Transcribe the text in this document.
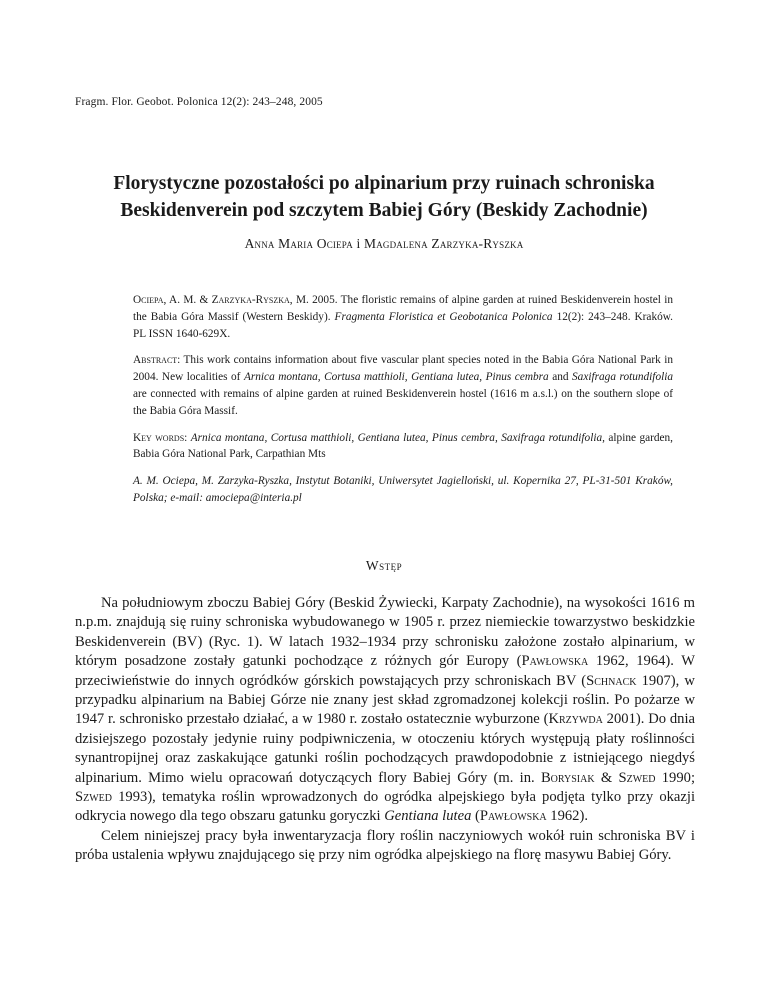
Fragm. Flor. Geobot. Polonica 12(2): 243–248, 2005
Florystyczne pozostałości po alpinarium przy ruinach schroniska
Beskidenverein pod szczytem Babiej Góry (Beskidy Zachodnie)
Anna Maria Ociepa i Magdalena Zarzyka-Ryszka

Ociepa, A. M. & Zarzyka-Ryszka, M. 2005. The floristic remains of alpine garden at ruined Beskidenverein hostel in the Babia Góra Massif (Western Beskidy). Fragmenta Floristica et Geobotanica Polonica 12(2): 243–248. Kraków. PL ISSN 1640-629X.

Abstract: This work contains information about five vascular plant species noted in the Babia Góra National Park in 2004. New localities of Arnica montana, Cortusa matthioli, Gentiana lutea, Pinus cembra and Saxifraga rotundifolia are connected with remains of alpine garden at ruined Beskidenverein hostel (1616 m a.s.l.) on the southern slope of the Babia Góra Massif.

Key words: Arnica montana, Cortusa matthioli, Gentiana lutea, Pinus cembra, Saxifraga rotundifolia, alpine garden, Babia Góra National Park, Carpathian Mts

A. M. Ociepa, M. Zarzyka-Ryszka, Instytut Botaniki, Uniwersytet Jagielloński, ul. Kopernika 27, PL-31-501 Kraków, Polska; e-mail: amociepa@interia.pl

Wstęp

Na południowym zboczu Babiej Góry (Beskid Żywiecki, Karpaty Zachodnie), na wysokości 1616 m n.p.m. znajdują się ruiny schroniska wybudowanego w 1905 r. przez niemieckie towarzystwo beskidzkie Beskidenverein (BV) (Ryc. 1). W latach 1932–1934 przy schronisku założone zostało alpinarium, w którym posadzone zostały gatunki pochodzące z różnych gór Europy (Pawłowska 1962, 1964). W przeciwieństwie do innych ogródków górskich powstających przy schroniskach BV (Schnack 1907), w przypadku alpinarium na Babiej Górze nie znany jest skład zgromadzonej kolekcji roślin. Po pożarze w 1947 r. schronisko przestało działać, a w 1980 r. zostało ostatecznie wyburzone (Krzywda 2001). Do dnia dzisiejszego pozostały jedynie ruiny podpiwniczenia, w otoczeniu których występują płaty roślinności synantropijnej oraz zaskakujące gatunki roślin pochodzących prawdopodobnie z istniejącego niegdyś alpinarium. Mimo wielu opracowań dotyczących flory Babiej Góry (m. in. Borysiak & Szwed 1990; Szwed 1993), tematyka roślin wprowadzonych do ogródka alpejskiego była podjęta tylko przy okazji odkrycia nowego dla tego obszaru gatunku goryczki Gentiana lutea (Pawłowska 1962).

Celem niniejszej pracy była inwentaryzacja flory roślin naczyniowych wokół ruin schroniska BV i próba ustalenia wpływu znajdującego się przy nim ogródka alpejskiego na florę masywu Babiej Góry.
